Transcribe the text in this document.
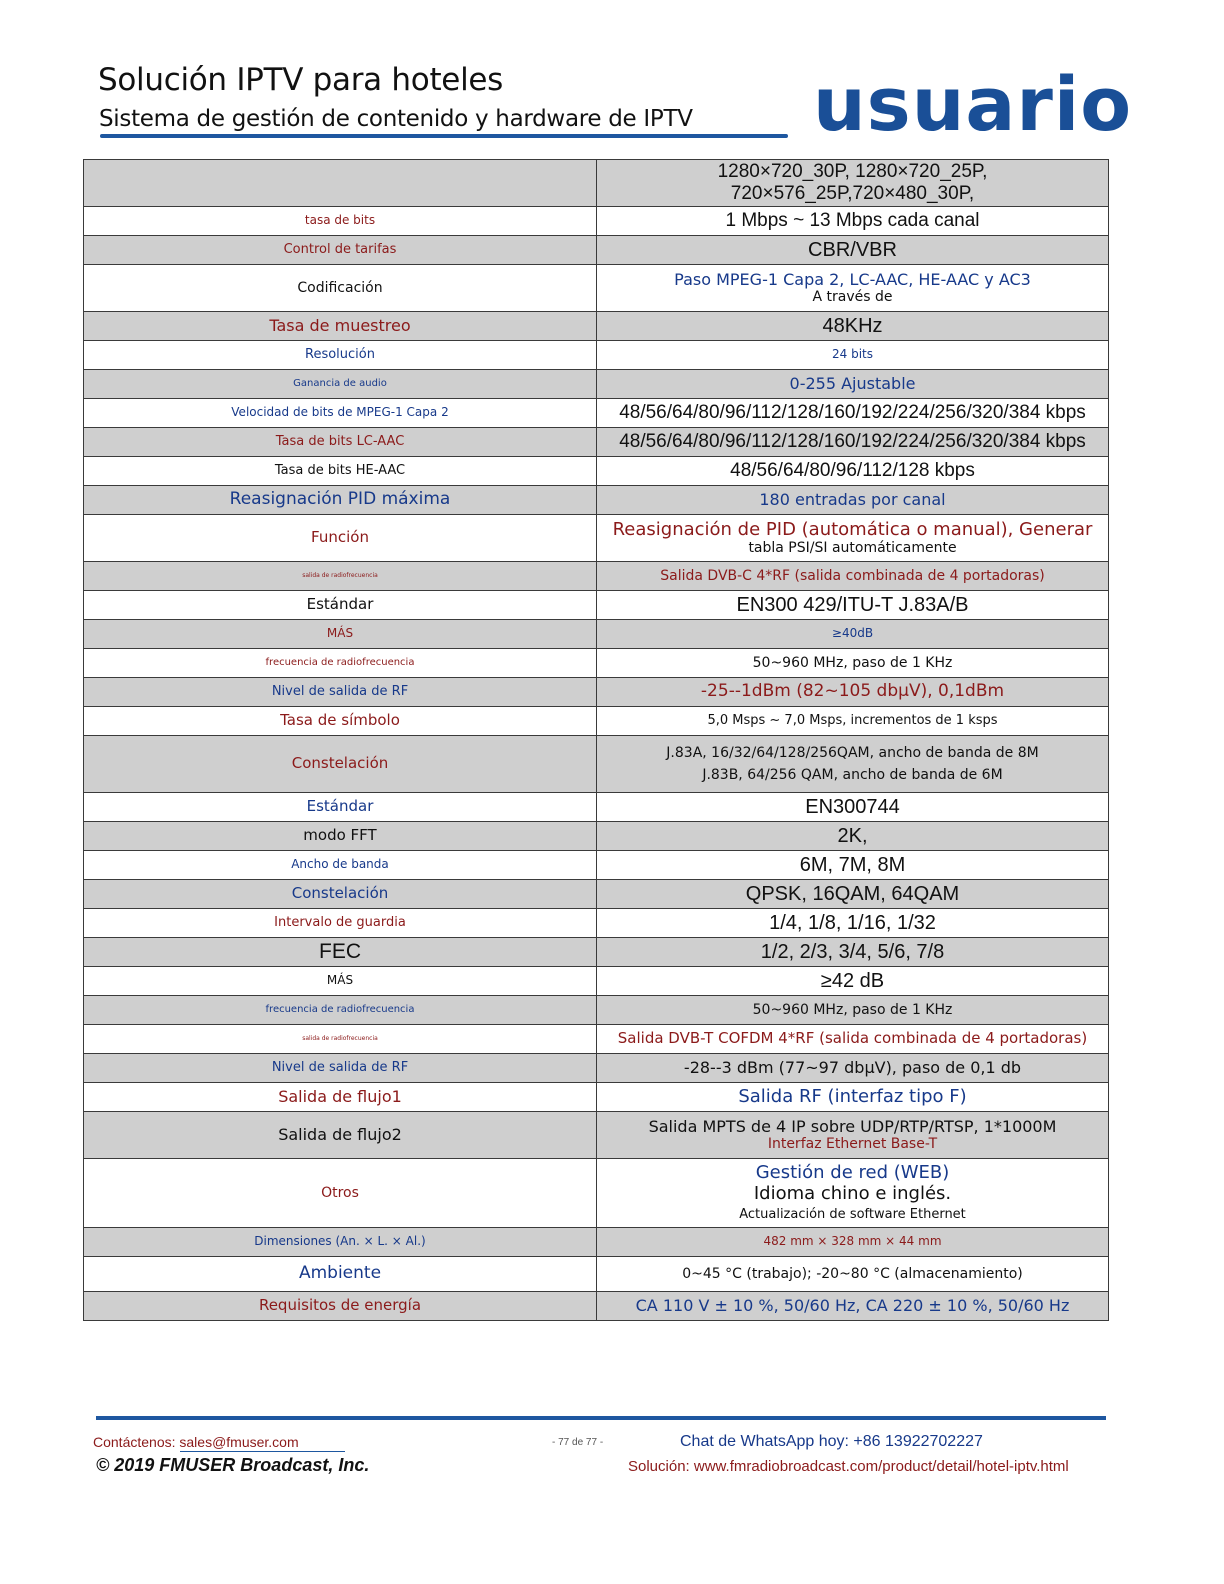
Solución IPTV para hoteles
Sistema de gestión de contenido y hardware de IPTV usuario

	1280×720_30P, 1280×720_25P,
720×576_25P,720×480_30P,

tasa de bits	1 Mbps ~ 13 Mbps cada canal
Control de tarifas	CBR/VBR
Codificación	Paso MPEG-1 Capa 2, LC-AAC, HE-AAC y AC3
A través de

Tasa de muestreo	48KHz
Resolución	24 bits
Ganancia de audio	0-255 Ajustable
Velocidad de bits de MPEG-1 Capa 2	48/56/64/80/96/112/128/160/192/224/256/320/384 kbps
Tasa de bits LC-AAC	48/56/64/80/96/112/128/160/192/224/256/320/384 kbps
Tasa de bits HE-AAC	48/56/64/80/96/112/128 kbps
Reasignación PID máxima	180 entradas por canal
Función	Reasignación de PID (automática o manual), Generar
tabla PSI/SI automáticamente

salida de radiofrecuencia	Salida DVB-C 4*RF (salida combinada de 4 portadoras)
Estándar	EN300 429/ITU-T J.83A/B
MÁS	≥40dB
frecuencia de radiofrecuencia	50~960 MHz, paso de 1 KHz
Nivel de salida de RF	-25--1dBm (82~105 dbμV), 0,1dBm
Tasa de símbolo	5,0 Msps ~ 7,0 Msps, incrementos de 1 ksps
Constelación	J.83A, 16/32/64/128/256QAM, ancho de banda de 8M
J.83B, 64/256 QAM, ancho de banda de 6M

Estándar	EN300744
modo FFT	2K,
Ancho de banda	6M, 7M, 8M
Constelación	QPSK, 16QAM, 64QAM
Intervalo de guardia	1/4, 1/8, 1/16, 1/32
FEC	1/2, 2/3, 3/4, 5/6, 7/8
MÁS	≥42 dB
frecuencia de radiofrecuencia	50~960 MHz, paso de 1 KHz
salida de radiofrecuencia	Salida DVB-T COFDM 4*RF (salida combinada de 4 portadoras)
Nivel de salida de RF	-28--3 dBm (77~97 dbμV), paso de 0,1 db
Salida de flujo1	Salida RF (interfaz tipo F)
Salida de flujo2	Salida MPTS de 4 IP sobre UDP/RTP/RTSP, 1*1000M
Interfaz Ethernet Base-T

Otros	Gestión de red (WEB)
Idioma chino e inglés.
Actualización de software Ethernet

Dimensiones (An. × L. × Al.)	482 mm × 328 mm × 44 mm
Ambiente	0~45 °C (trabajo); -20~80 °C (almacenamiento)
Requisitos de energía	CA 110 V ± 10 %, 50/60 Hz, CA 220 ± 10 %, 50/60 Hz
Contáctenos: sales@fmuser.com
© 2019 FMUSER Broadcast, Inc.
- 77 de 77 -	Chat de WhatsApp hoy: +86 13922702227
Solución: www.fmradiobroadcast.com/product/detail/hotel-iptv.html
